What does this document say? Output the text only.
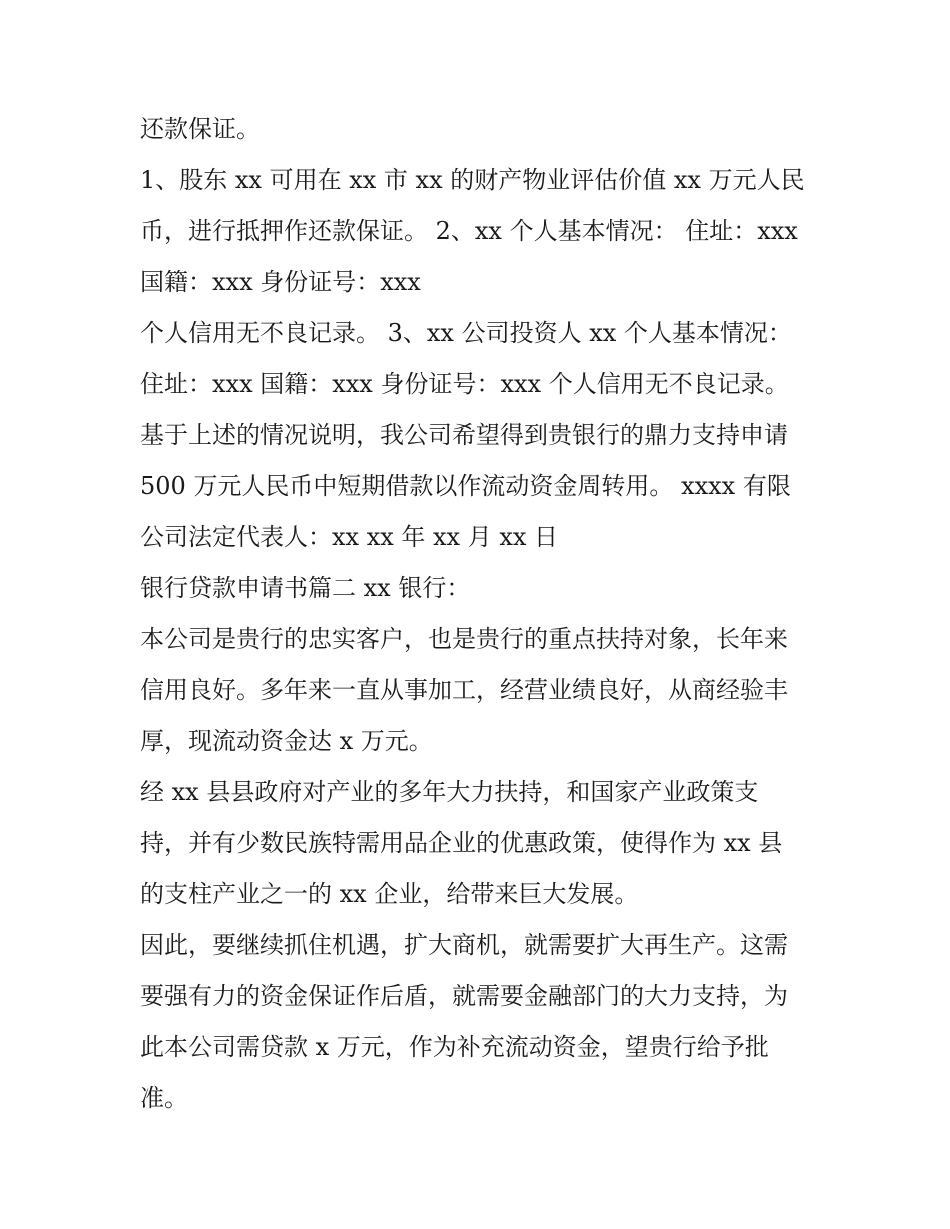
还款保证。
1、股东 xx 可用在 xx 市 xx 的财产物业评估价值 xx 万元人民
币，进行抵押作还款保证。 2、xx 个人基本情况： 住址：xxx
国籍：xxx 身份证号：xxx
个人信用无不良记录。 3、xx 公司投资人 xx 个人基本情况：
住址：xxx 国籍：xxx 身份证号：xxx 个人信用无不良记录。
基于上述的情况说明，我公司希望得到贵银行的鼎力支持申请
500 万元人民币中短期借款以作流动资金周转用。 xxxx 有限
公司法定代表人：xx xx 年 xx 月 xx 日
银行贷款申请书篇二 xx 银行：
本公司是贵行的忠实客户，也是贵行的重点扶持对象，长年来
信用良好。多年来一直从事加工，经营业绩良好，从商经验丰
厚，现流动资金达 x 万元。
经 xx 县县政府对产业的多年大力扶持，和国家产业政策支
持，并有少数民族特需用品企业的优惠政策，使得作为 xx 县
的支柱产业之一的 xx 企业，给带来巨大发展。
因此，要继续抓住机遇，扩大商机，就需要扩大再生产。这需
要强有力的资金保证作后盾，就需要金融部门的大力支持，为
此本公司需贷款 x 万元，作为补充流动资金，望贵行给予批
准。
